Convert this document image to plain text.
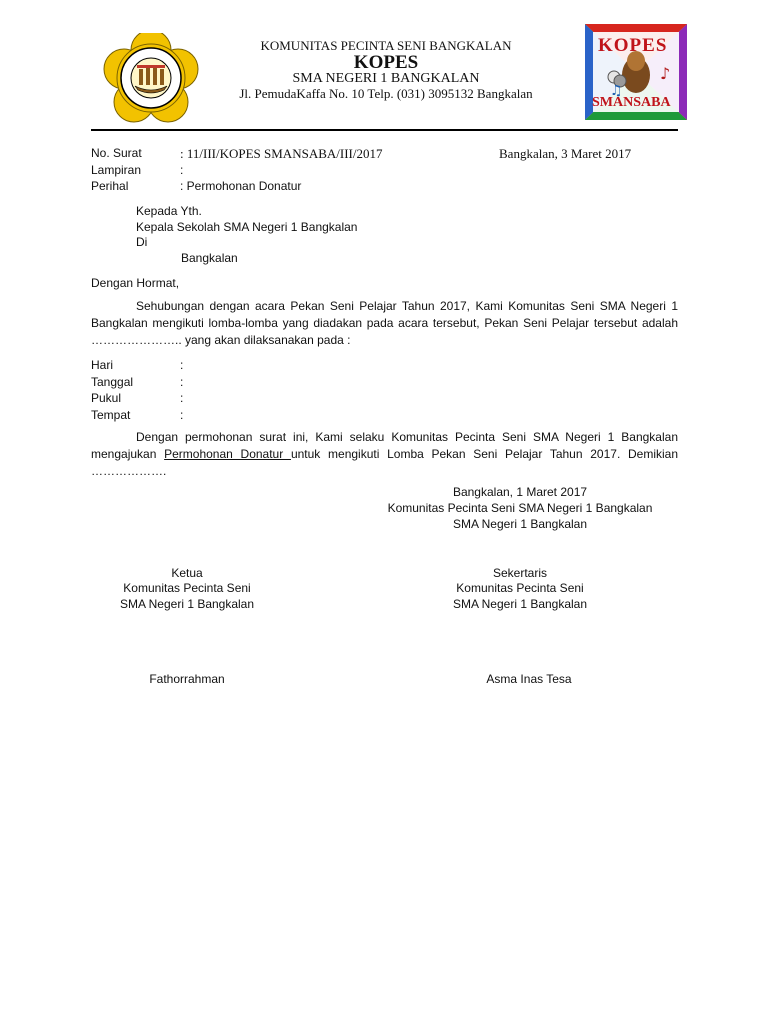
♪
♫
KOPES
SMANSABA
KOMUNITAS PECINTA SENI BANGKALAN
KOPES
SMA NEGERI 1 BANGKALAN
Jl. PemudaKaffa No. 10 Telp. (031) 3095132 Bangkalan
No. Surat	: 11/III/KOPES SMANSABA/III/2017	Bangkalan, 3 Maret 2017
Lampiran	:
Perihal	: Permohonan Donatur
Kepada Yth.
Kepala Sekolah SMA Negeri 1 Bangkalan
Di
Bangkalan
Dengan Hormat,
Sehubungan dengan acara Pekan Seni Pelajar Tahun 2017, Kami Komunitas Seni SMA Negeri 1 Bangkalan mengikuti lomba-lomba yang diadakan pada acara tersebut, Pekan Seni Pelajar tersebut adalah ………………….. yang akan dilaksanakan pada :
Hari	:
Tanggal	:
Pukul	:
Tempat	:
Dengan permohonan surat ini, Kami selaku Komunitas Pecinta Seni SMA Negeri 1 Bangkalan mengajukan Permohonan Donatur untuk mengikuti Lomba Pekan Seni Pelajar Tahun 2017. Demikian ……………….
Bangkalan, 1 Maret 2017
Komunitas Pecinta Seni SMA Negeri 1 Bangkalan
SMA Negeri 1 Bangkalan
Ketua
Komunitas Pecinta Seni
SMA Negeri 1 Bangkalan
Fathorrahman
Sekertaris
Komunitas Pecinta Seni
SMA Negeri 1 Bangkalan
Asma Inas Tesa
